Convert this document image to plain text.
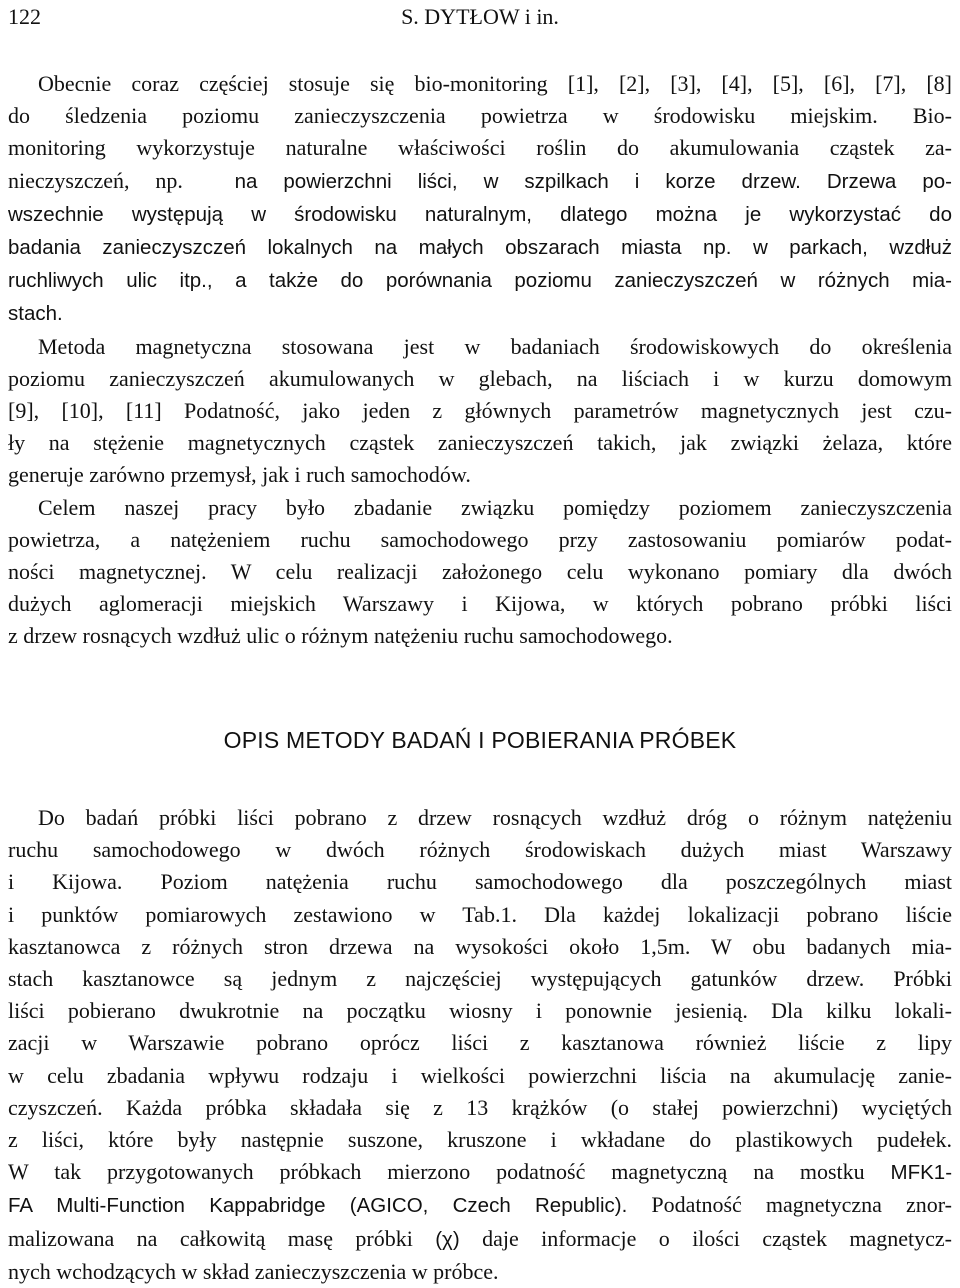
122	S. DYTŁOW i in.

Obecnie coraz częściej stosuje się bio-monitoring [1], [2], [3], [4], [5], [6], [7], [8]
do śledzenia poziomu zanieczyszczenia powietrza w środowisku miejskim. Bio-
monitoring wykorzystuje naturalne właściwości roślin do akumulowania cząstek za-
nieczyszczeń, np.	na powierzchni liści, w szpilkach i korze drzew. Drzewa po-
wszechnie występują w środowisku naturalnym, dlatego można je wykorzystać do
badania zanieczyszczeń lokalnych na małych obszarach miasta np. w parkach, wzdłuż
ruchliwych ulic itp., a także do porównania poziomu zanieczyszczeń w różnych mia-
stach.

Metoda magnetyczna stosowana jest w badaniach środowiskowych do określenia
poziomu zanieczyszczeń akumulowanych w glebach, na liściach i w kurzu domowym
[9], [10], [11] Podatność, jako jeden z głównych parametrów magnetycznych jest czu-
ły na stężenie magnetycznych cząstek zanieczyszczeń takich, jak związki żelaza, które
generuje zarówno przemysł, jak i ruch samochodów.

Celem naszej pracy było zbadanie związku pomiędzy poziomem zanieczyszczenia
powietrza, a natężeniem ruchu samochodowego przy zastosowaniu pomiarów podat-
ności magnetycznej. W celu realizacji założonego celu wykonano pomiary dla dwóch
dużych aglomeracji miejskich Warszawy i Kijowa, w których pobrano próbki liści
z drzew rosnących wzdłuż ulic o różnym natężeniu ruchu samochodowego.

OPIS METODY BADAŃ I POBIERANIA PRÓBEK

Do badań próbki liści pobrano z drzew rosnących wzdłuż dróg o różnym natężeniu
ruchu samochodowego w dwóch różnych środowiskach dużych miast Warszawy
i Kijowa. Poziom natężenia ruchu samochodowego dla poszczególnych miast
i punktów pomiarowych zestawiono w Tab.1. Dla każdej lokalizacji pobrano liście
kasztanowca z różnych stron drzewa na wysokości około 1,5m. W obu badanych mia-
stach kasztanowce są jednym z najczęściej występujących gatunków drzew. Próbki
liści pobierano dwukrotnie na początku wiosny i ponownie jesienią. Dla kilku lokali-
zacji w Warszawie pobrano oprócz liści z kasztanowa również liście z lipy
w celu zbadania wpływu rodzaju i wielkości powierzchni liścia na akumulację zanie-
czyszczeń. Każda próbka składała się z 13 krążków (o stałej powierzchni) wyciętých
z liści, które były następnie suszone, kruszone i wkładane do plastikowych pudełek.
W tak przygotowanych próbkach mierzono podatność magnetyczną na mostku MFK1-
FA Multi-Function Kappabridge (AGICO, Czech Republic). Podatność magnetyczna znor-
malizowana na całkowitą masę próbki (χ) daje informacje o ilości cząstek magnetycz-
nych wchodzących w skład zanieczyszczenia w próbce.
